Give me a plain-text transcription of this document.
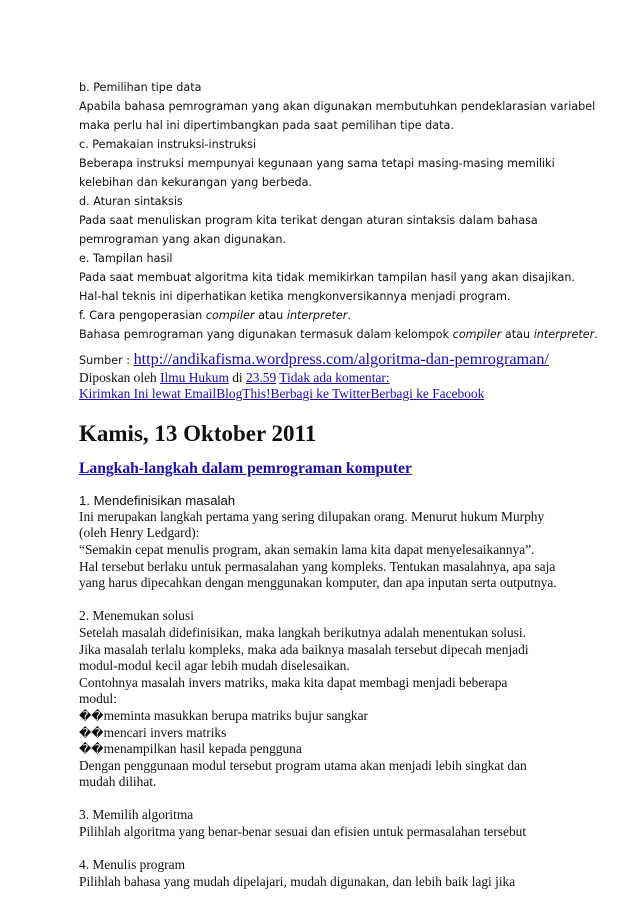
b. Pemilihan tipe data
Apabila bahasa pemrograman yang akan digunakan membutuhkan pendeklarasian variabel
maka perlu hal ini dipertimbangkan pada saat pemilihan tipe data.
c. Pemakaian instruksi-instruksi
Beberapa instruksi mempunyai kegunaan yang sama tetapi masing-masing memiliki
kelebihan dan kekurangan yang berbeda.
d. Aturan sintaksis
Pada saat menuliskan program kita terikat dengan aturan sintaksis dalam bahasa
pemrograman yang akan digunakan.
e. Tampilan hasil
Pada saat membuat algoritma kita tidak memikirkan tampilan hasil yang akan disajikan.
Hal-hal teknis ini diperhatikan ketika mengkonversikannya menjadi program.
f. Cara pengoperasian compiler atau interpreter.
Bahasa pemrograman yang digunakan termasuk dalam kelompok compiler atau interpreter.
Sumber : http://andikafisma.wordpress.com/algoritma-dan-pemrograman/
Diposkan oleh Ilmu Hukum di 23.59 Tidak ada komentar:
Kirimkan Ini lewat EmailBlogThis!Berbagi ke TwitterBerbagi ke Facebook
Kamis, 13 Oktober 2011
Langkah-langkah dalam pemrograman komputer
1. Mendefinisikan masalah
Ini merupakan langkah pertama yang sering dilupakan orang. Menurut hukum Murphy
(oleh Henry Ledgard):
“Semakin cepat menulis program, akan semakin lama kita dapat menyelesaikannya”.
Hal tersebut berlaku untuk permasalahan yang kompleks. Tentukan masalahnya, apa saja
yang harus dipecahkan dengan menggunakan komputer, dan apa inputan serta outputnya.
2. Menemukan solusi
Setelah masalah didefinisikan, maka langkah berikutnya adalah menentukan solusi.
Jika masalah terlalu kompleks, maka ada baiknya masalah tersebut dipecah menjadi
modul-modul kecil agar lebih mudah diselesaikan.
Contohnya masalah invers matriks, maka kita dapat membagi menjadi beberapa
modul:
��meminta masukkan berupa matriks bujur sangkar
��mencari invers matriks
��menampilkan hasil kepada pengguna
Dengan penggunaan modul tersebut program utama akan menjadi lebih singkat dan
mudah dilihat.
3. Memilih algoritma
Pilihlah algoritma yang benar-benar sesuai dan efisien untuk permasalahan tersebut
4. Menulis program
Pilihlah bahasa yang mudah dipelajari, mudah digunakan, dan lebih baik lagi jika
